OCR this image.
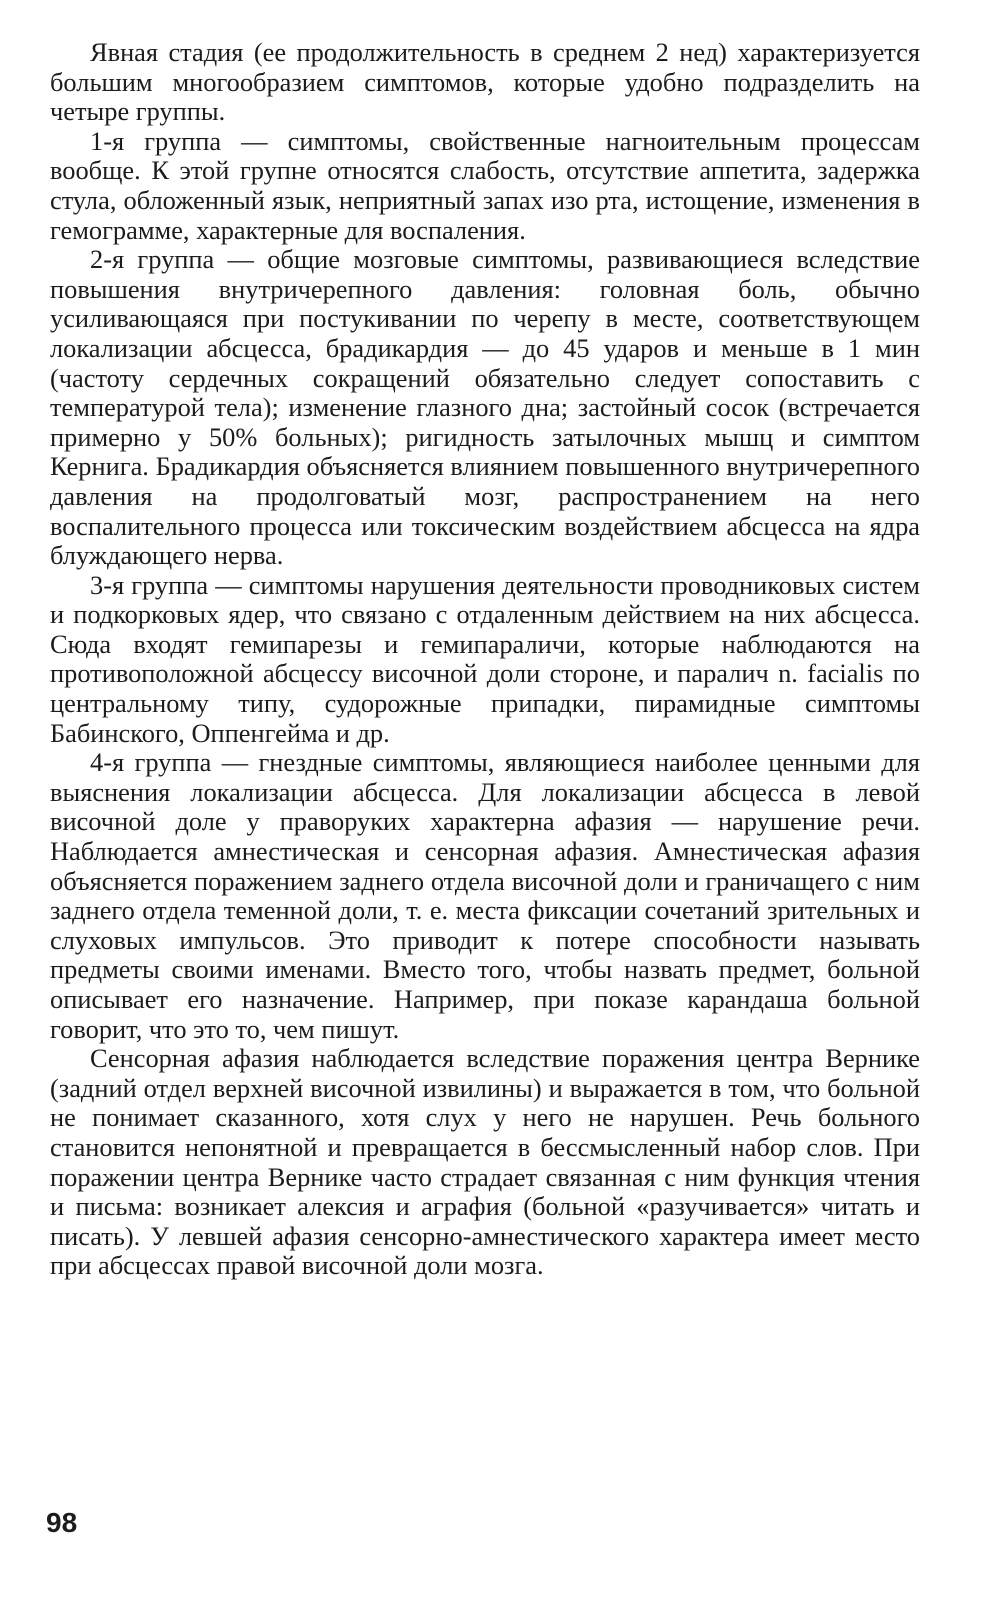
Явная стадия (ее продолжительность в среднем 2 нед) характеризуется большим многообразием симптомов, которые удобно подразделить на четыре группы.

1-я группа — симптомы, свойственные нагноительным процессам вообще. К этой групне относятся слабость, отсутствие аппетита, задержка стула, обложенный язык, неприятный запах изо рта, истощение, изменения в гемограмме, характерные для воспаления.

2-я группа — общие мозговые симптомы, развивающиеся вследствие повышения внутричерепного давления: головная боль, обычно усиливающаяся при постукивании по черепу в месте, соответствующем локализации абсцесса, брадикардия — до 45 ударов и меньше в 1 мин (частоту сердечных сокращений обязательно следует сопоставить с температурой тела); изменение глазного дна; застойный сосок (встречается примерно у 50% больных); ригидность затылочных мышц и симптом Кернига. Брадикардия объясняется влиянием повышенного внутричерепного давления на продолговатый мозг, распространением на него воспалительного процесса или токсическим воздействием абсцесса на ядра блуждающего нерва.

3-я группа — симптомы нарушения деятельности проводниковых систем и подкорковых ядер, что связано с отдаленным действием на них абсцесса. Сюда входят гемипарезы и гемипараличи, которые наблюдаются на противоположной абсцессу височной доли стороне, и паралич n. facialis по центральному типу, судорожные припадки, пирамидные симптомы Бабинского, Оппенгейма и др.

4-я группа — гнездные симптомы, являющиеся наиболее ценными для выяснения локализации абсцесса. Для локализации абсцесса в левой височной доле у праворуких характерна афазия — нарушение речи. Наблюдается амнестическая и сенсорная афазия. Амнестическая афазия объясняется поражением заднего отдела височной доли и граничащего с ним заднего отдела теменной доли, т. е. места фиксации сочетаний зрительных и слуховых импульсов. Это приводит к потере способности называть предметы своими именами. Вместо того, чтобы назвать предмет, больной описывает его назначение. Например, при показе карандаша больной говорит, что это то, чем пишут.

Сенсорная афазия наблюдается вследствие поражения центра Вернике (задний отдел верхней височной извилины) и выражается в том, что больной не понимает сказанного, хотя слух у него не нарушен. Речь больного становится непонятной и превращается в бессмысленный набор слов. При поражении центра Вернике часто страдает связанная с ним функция чтения и письма: возникает алексия и аграфия (больной «разучивается» читать и писать). У левшей афазия сенсорно-амнестического характера имеет место при абсцессах правой височной доли мозга.

98
